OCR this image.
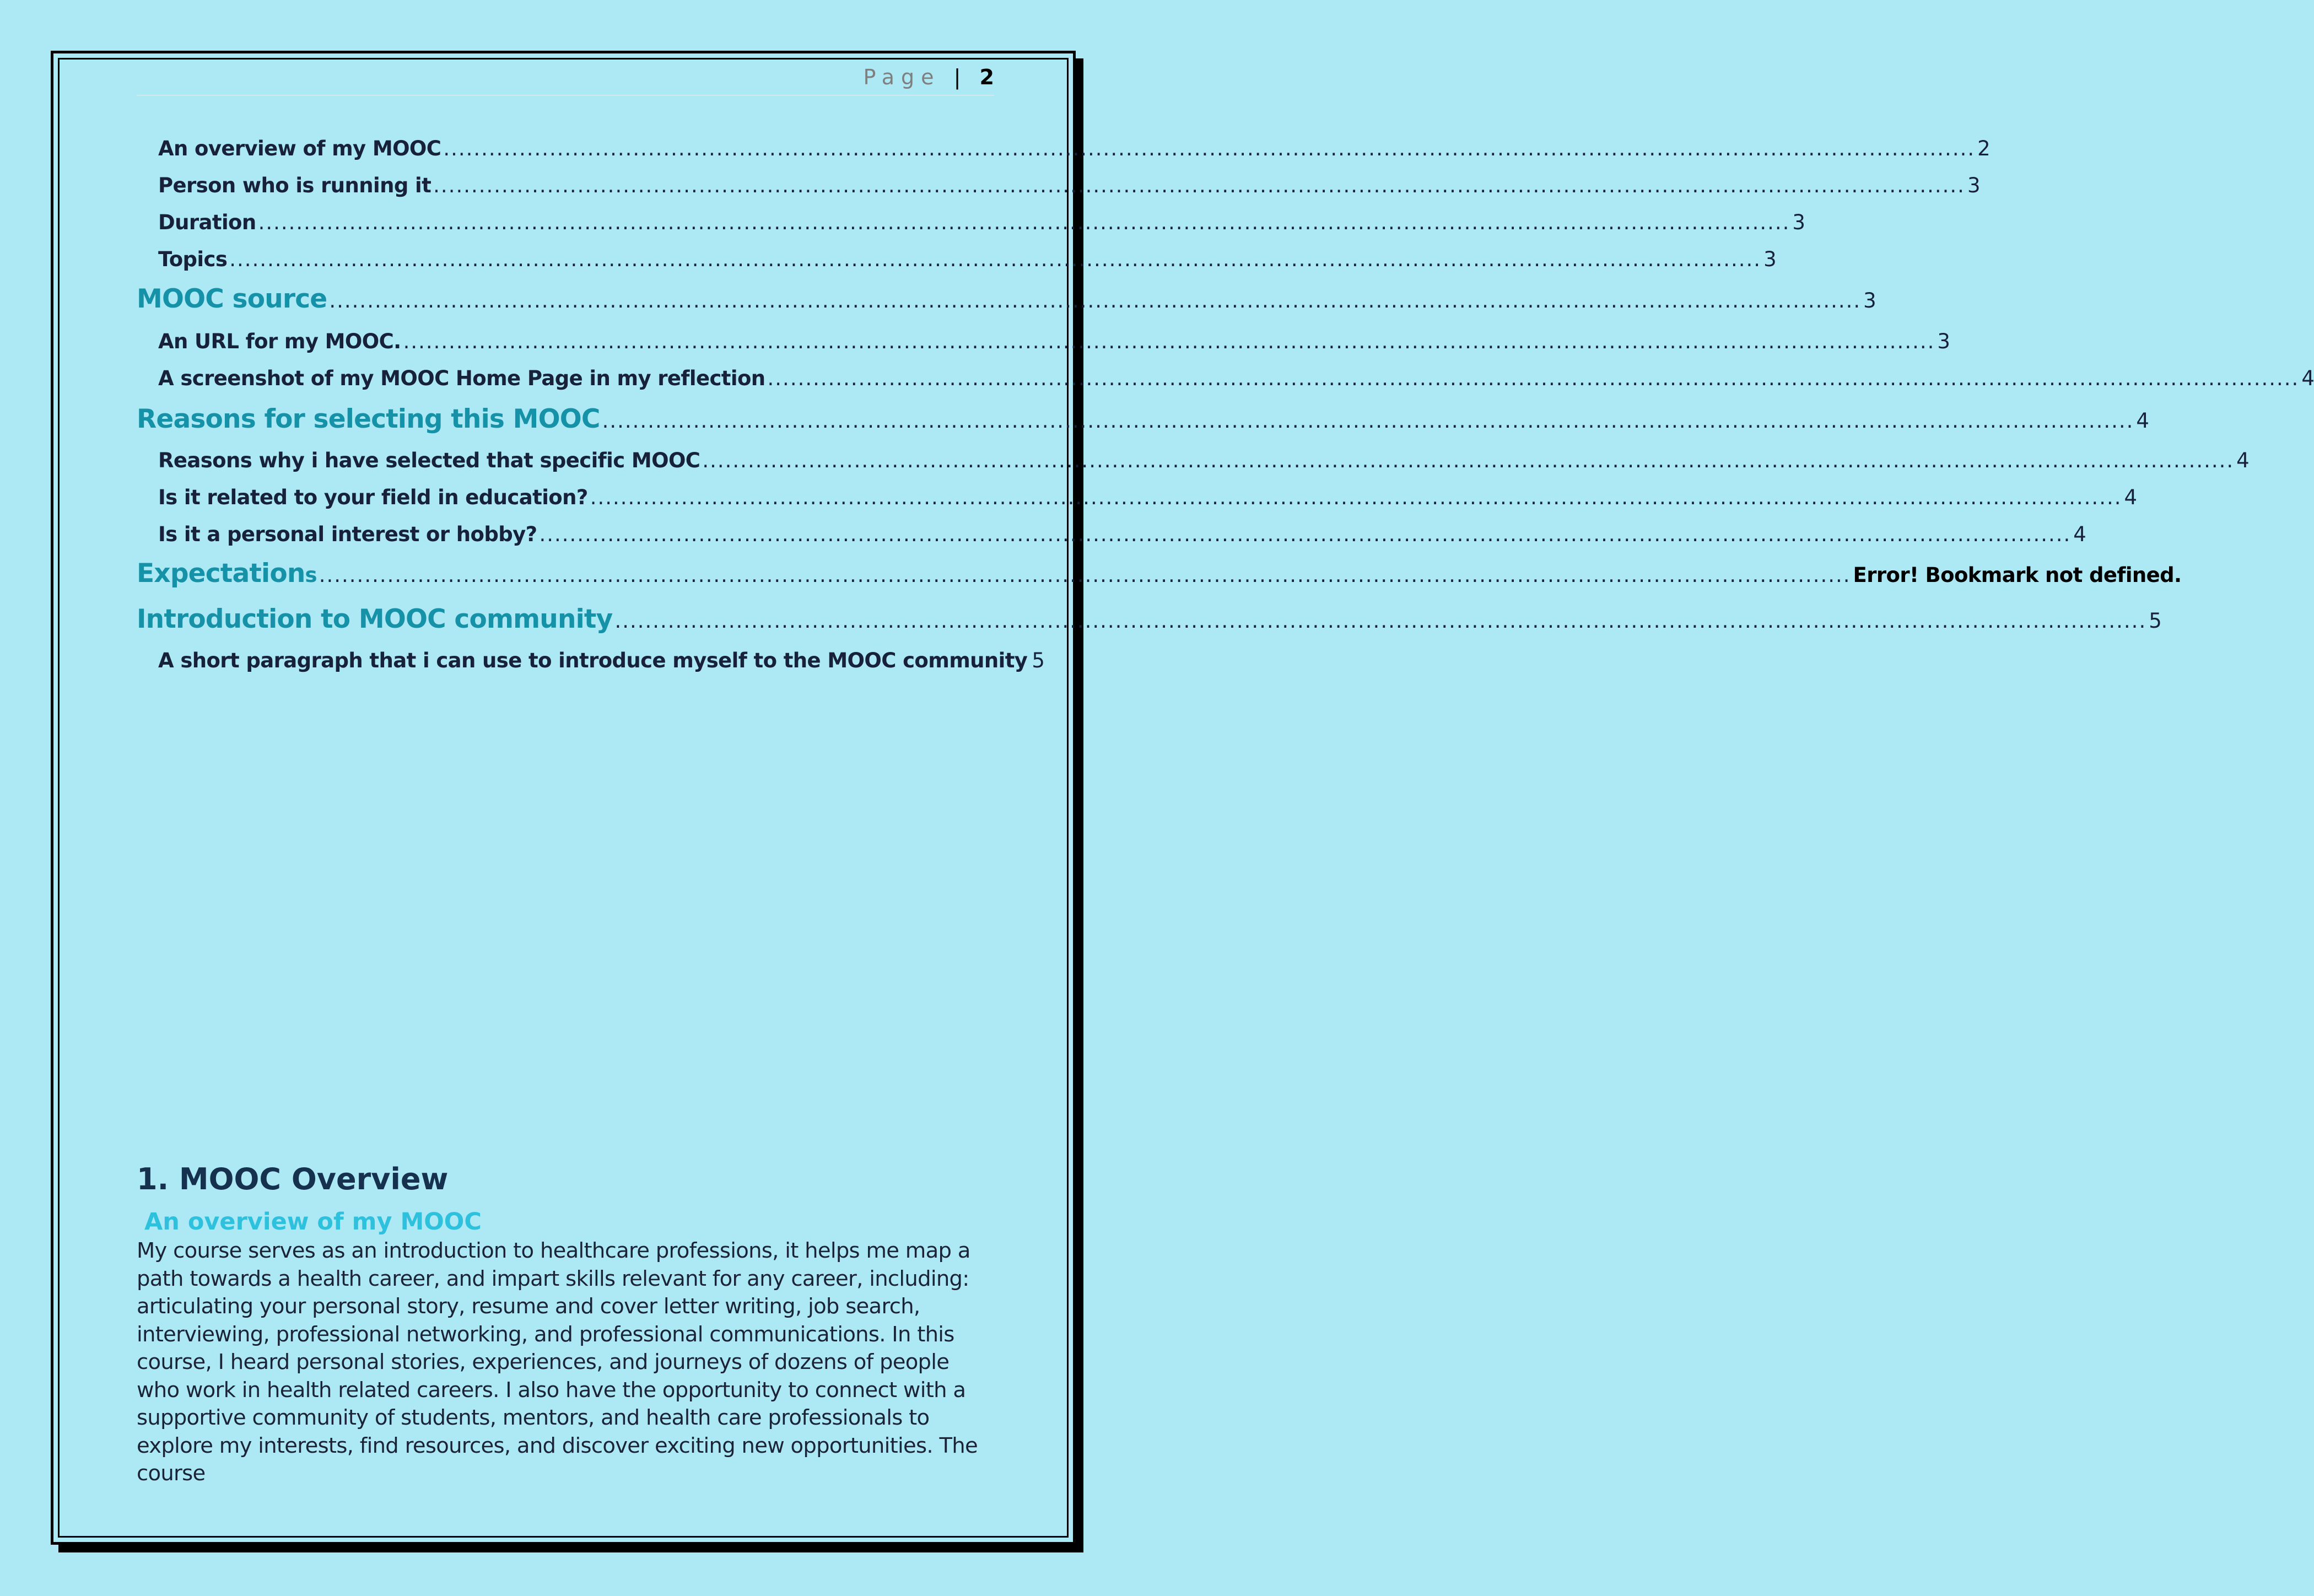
Page | 2
An overview of my MOOC .......................................................................................................................................................................................................... 2
Person who is running it .......................................................................................................................................................................................................... 3
Duration .......................................................................................................................................................................................................... 3
Topics .......................................................................................................................................................................................................... 3
MOOC source .......................................................................................................................................................................................................... 3
An URL for my MOOC. .......................................................................................................................................................................................................... 3
A screenshot of my MOOC Home Page in my reflection .......................................................................................................................................................................................................... 4
Reasons for selecting this MOOC .......................................................................................................................................................................................................... 4
Reasons why i have selected that specific MOOC .......................................................................................................................................................................................................... 4
Is it related to your field in education? .......................................................................................................................................................................................................... 4
Is it a personal interest or hobby? .......................................................................................................................................................................................................... 4
Expectations .......................................................................................................................................................................................................... Error! Bookmark not defined.
Introduction to MOOC community .......................................................................................................................................................................................................... 5
A short paragraph that i can use to introduce myself to the MOOC community 5
1. MOOC Overview
An overview of my MOOC

My course serves as an introduction to healthcare professions, it helps me map a path towards a health career, and impart skills relevant for any career, including: articulating your personal story, resume and cover letter writing, job search, interviewing, professional networking, and professional communications. In this course, I heard personal stories, experiences, and journeys of dozens of people who work in health related careers. I also have the opportunity to connect with a supportive community of students, mentors, and health care professionals to explore my interests, find resources, and discover exciting new opportunities. The course
